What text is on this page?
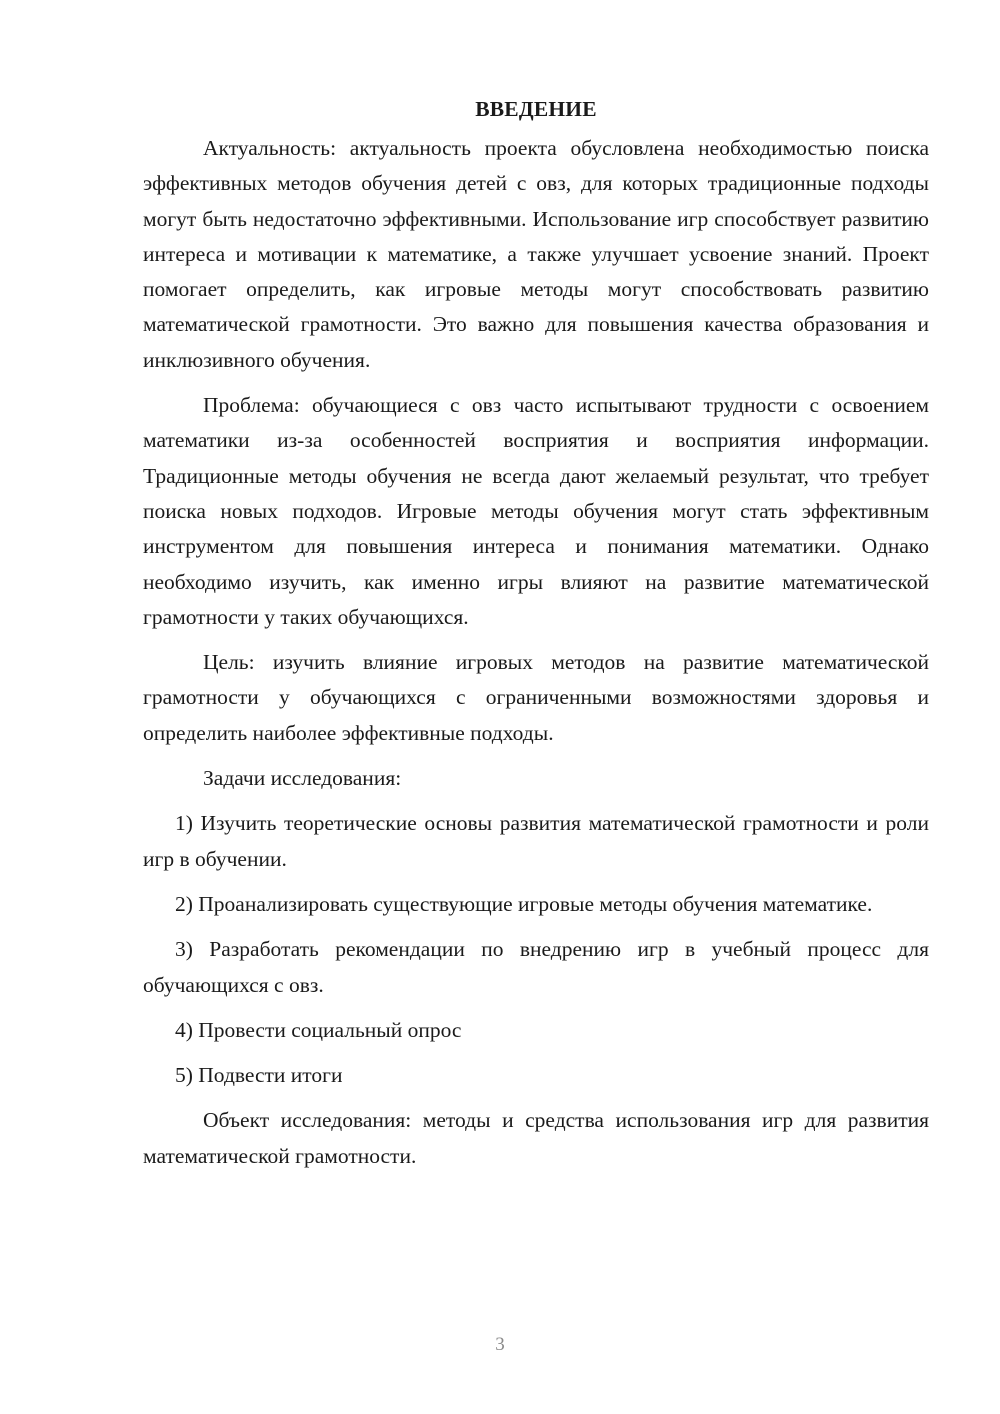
ВВЕДЕНИЕ

Актуальность: актуальность проекта обусловлена необходимостью поиска эффективных методов обучения детей с овз, для которых традиционные подходы могут быть недостаточно эффективными. Использование игр способствует развитию интереса и мотивации к математике, а также улучшает усвоение знаний. Проект помогает определить, как игровые методы могут способствовать развитию математической грамотности. Это важно для повышения качества образования и инклюзивного обучения.

Проблема: обучающиеся с овз часто испытывают трудности с освоением математики из-за особенностей восприятия и восприятия информации. Традиционные методы обучения не всегда дают желаемый результат, что требует поиска новых подходов. Игровые методы обучения могут стать эффективным инструментом для повышения интереса и понимания математики. Однако необходимо изучить, как именно игры влияют на развитие математической грамотности у таких обучающихся.

Цель: изучить влияние игровых методов на развитие математической грамотности у обучающихся с ограниченными возможностями здоровья и определить наиболее эффективные подходы.

Задачи исследования:

1) Изучить теоретические основы развития математической грамотности и роли игр в обучении.

2) Проанализировать существующие игровые методы обучения математике.

3) Разработать рекомендации по внедрению игр в учебный процесс для обучающихся с овз.

4) Провести социальный опрос

5) Подвести итоги

Объект исследования: методы и средства использования игр для развития математической грамотности.

3
